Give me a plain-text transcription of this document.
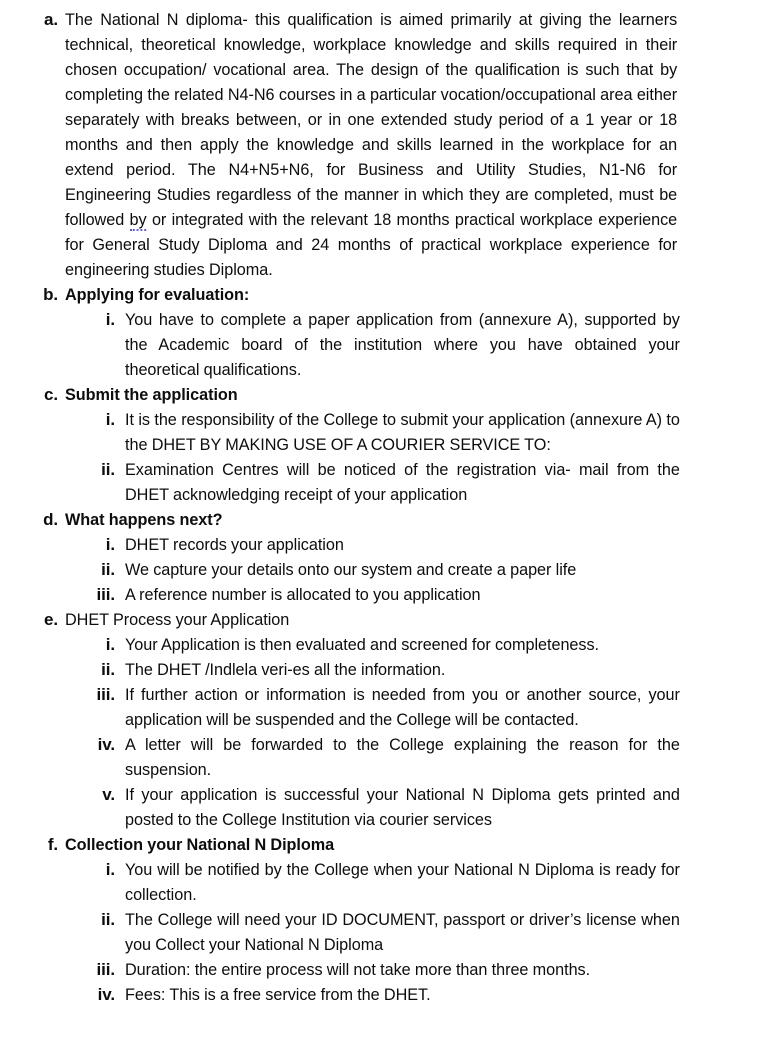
a. The National N diploma- this qualification is aimed primarily at giving the learners technical, theoretical knowledge, workplace knowledge and skills required in their chosen occupation/ vocational area. The design of the qualification is such that by completing the related N4-N6 courses in a particular vocation/occupational area either separately with breaks between, or in one extended study period of a 1 year or 18 months and then apply the knowledge and skills learned in the workplace for an extend period. The N4+N5+N6, for Business and Utility Studies, N1-N6 for Engineering Studies regardless of the manner in which they are completed, must be followed by or integrated with the relevant 18 months practical workplace experience for General Study Diploma and 24 months of practical workplace experience for engineering studies Diploma.

b. Applying for evaluation:

i. You have to complete a paper application from (annexure A), supported by the Academic board of the institution where you have obtained your theoretical qualifications.

c. Submit the application

i. It is the responsibility of the College to submit your application (annexure A) to the DHET BY MAKING USE OF A COURIER SERVICE TO:

ii. Examination Centres will be noticed of the registration via- mail from the DHET acknowledging receipt of your application

d. What happens next?

i. DHET records your application

ii. We capture your details onto our system and create a paper life

iii. A reference number is allocated to you application

e. DHET Process your Application

i. Your Application is then evaluated and screened for completeness.

ii. The DHET /Indlela veri-es all the information.

iii. If further action or information is needed from you or another source, your application will be suspended and the College will be contacted.

iv. A letter will be forwarded to the College explaining the reason for the suspension.

v. If your application is successful your National N Diploma gets printed and posted to the College Institution via courier services

f. Collection your National N Diploma

i. You will be notified by the College when your National N Diploma is ready for collection.

ii. The College will need your ID DOCUMENT, passport or driver’s license when you Collect your National N Diploma

iii. Duration: the entire process will not take more than three months.

iv. Fees: This is a free service from the DHET.
